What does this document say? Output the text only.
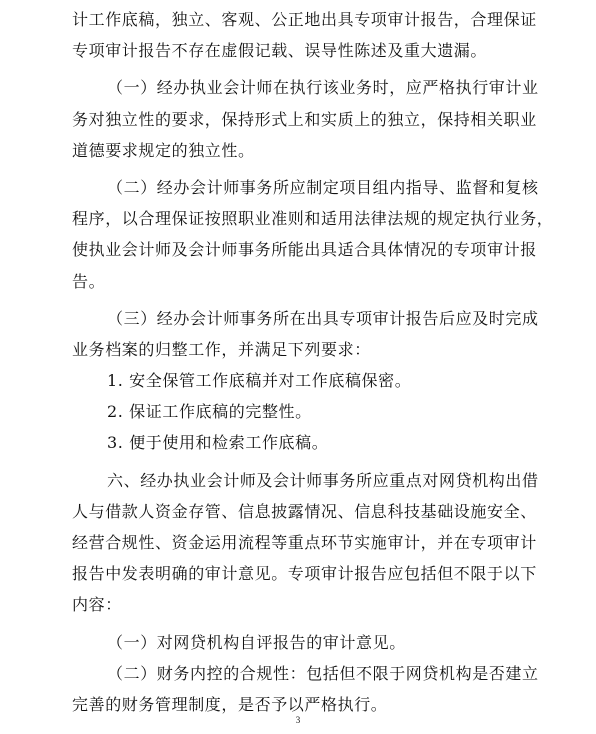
计工作底稿，独立、客观、公正地出具专项审计报告，合理保证
专项审计报告不存在虚假记载、误导性陈述及重大遗漏。
（一）经办执业会计师在执行该业务时，应严格执行审计业
务对独立性的要求，保持形式上和实质上的独立，保持相关职业
道德要求规定的独立性。
（二）经办会计师事务所应制定项目组内指导、监督和复核
程序，以合理保证按照职业准则和适用法律法规的规定执行业务，
使执业会计师及会计师事务所能出具适合具体情况的专项审计报
告。
（三）经办会计师事务所在出具专项审计报告后应及时完成
业务档案的归整工作，并满足下列要求：
1. 安全保管工作底稿并对工作底稿保密。
2. 保证工作底稿的完整性。
3. 便于使用和检索工作底稿。
六、经办执业会计师及会计师事务所应重点对网贷机构出借
人与借款人资金存管、信息披露情况、信息科技基础设施安全、
经营合规性、资金运用流程等重点环节实施审计，并在专项审计
报告中发表明确的审计意见。专项审计报告应包括但不限于以下
内容：
（一）对网贷机构自评报告的审计意见。
（二）财务内控的合规性：包括但不限于网贷机构是否建立
完善的财务管理制度，是否予以严格执行。
3
